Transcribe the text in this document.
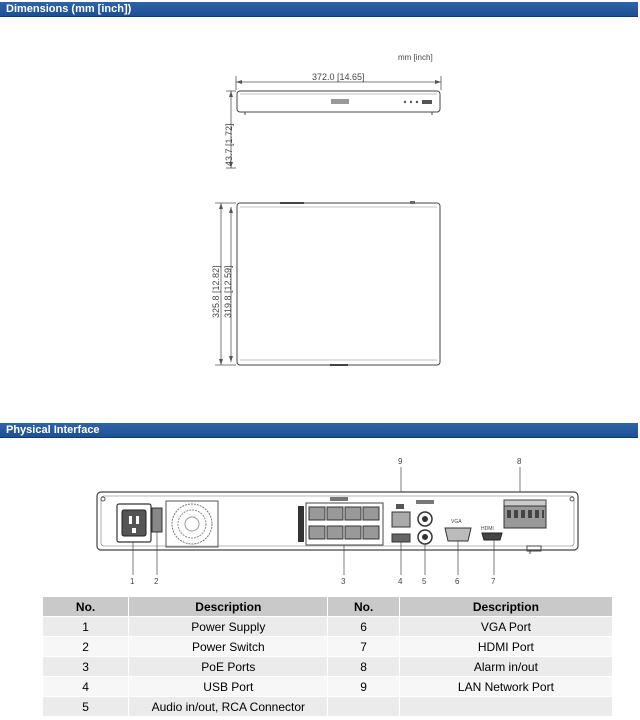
Dimensions (mm [inch])
mm [inch]
372.0 [14.65]
43.7 [1.72]
325.8 [12.82] 319.8 [12.59]
Physical Interface
9	8
VGA
HDMI
1 2	3	4 5	6	7
No.	Description	No.	Description
1	Power Supply	6	VGA Port
2	Power Switch	7	HDMI Port
3	PoE Ports	8	Alarm in/out
4	USB Port	9	LAN Network Port
5	Audio in/out, RCA Connector		
